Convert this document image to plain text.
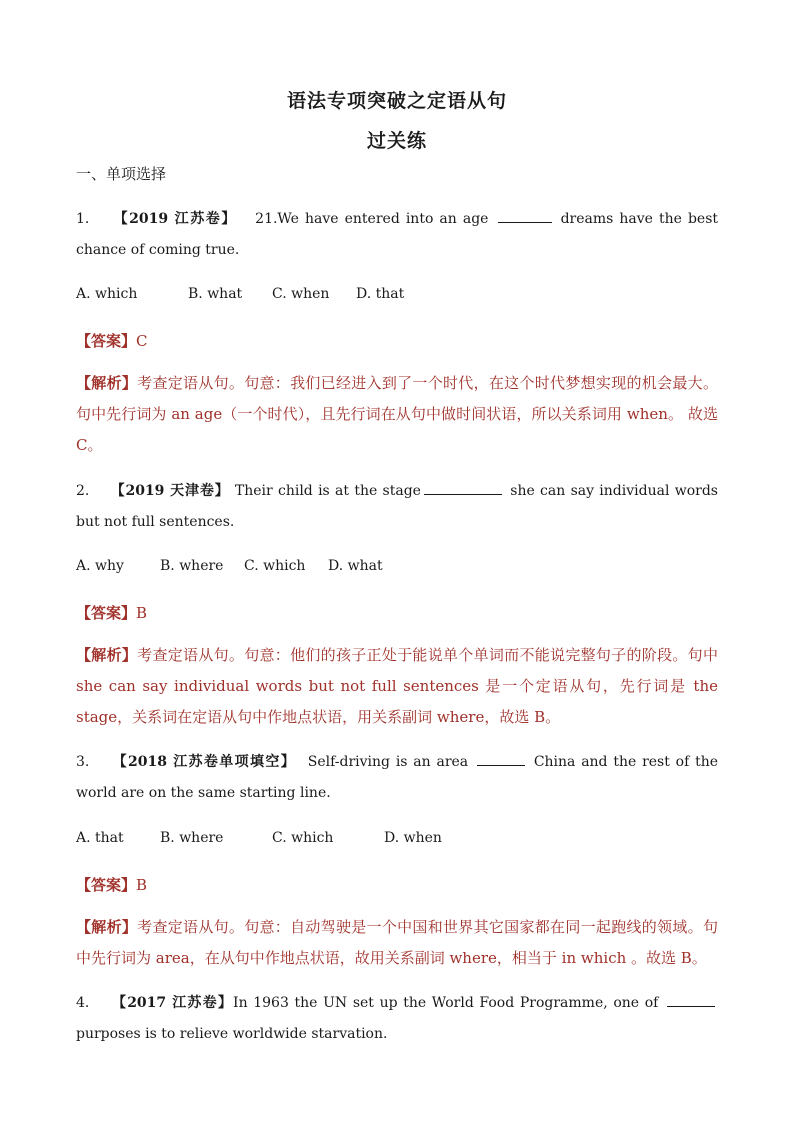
语法专项突破之定语从句
过关练
一、单项选择
1. 【2019 江苏卷】 21.We have entered into an age	dreams have the best chance of coming true.
A. which	B. what C. when D. that
【答案】C
【解析】考查定语从句。句意：我们已经进入到了一个时代，在这个时代梦想实现的机会最大。句中先行词为 an age（一个时代），且先行词在从句中做时间状语，所以关系词用 when。 故选 C。
2. 【2019 天津卷】 Their child is at the stage	she can say individual words but not full sentences.
A. why	B. where C. which D. what
【答案】B
【解析】考查定语从句。句意：他们的孩子正处于能说单个单词而不能说完整句子的阶段。句中 she can say individual words but not full sentences 是一个定语从句，先行词是 the stage，关系词在定语从句中作地点状语，用关系副词 where，故选 B。
3. 【2018 江苏卷单项填空】 Self-driving is an area	China and the rest of the world are on the same starting line.
A. that	B. where	C. which	D. when
【答案】B
【解析】考查定语从句。句意：自动驾驶是一个中国和世界其它国家都在同一起跑线的领域。句中先行词为 area，在从句中作地点状语，故用关系副词 where，相当于 in which 。故选 B。
4. 【2017 江苏卷】In 1963 the UN set up the World Food Programme, one of  purposes is to relieve worldwide starvation.
